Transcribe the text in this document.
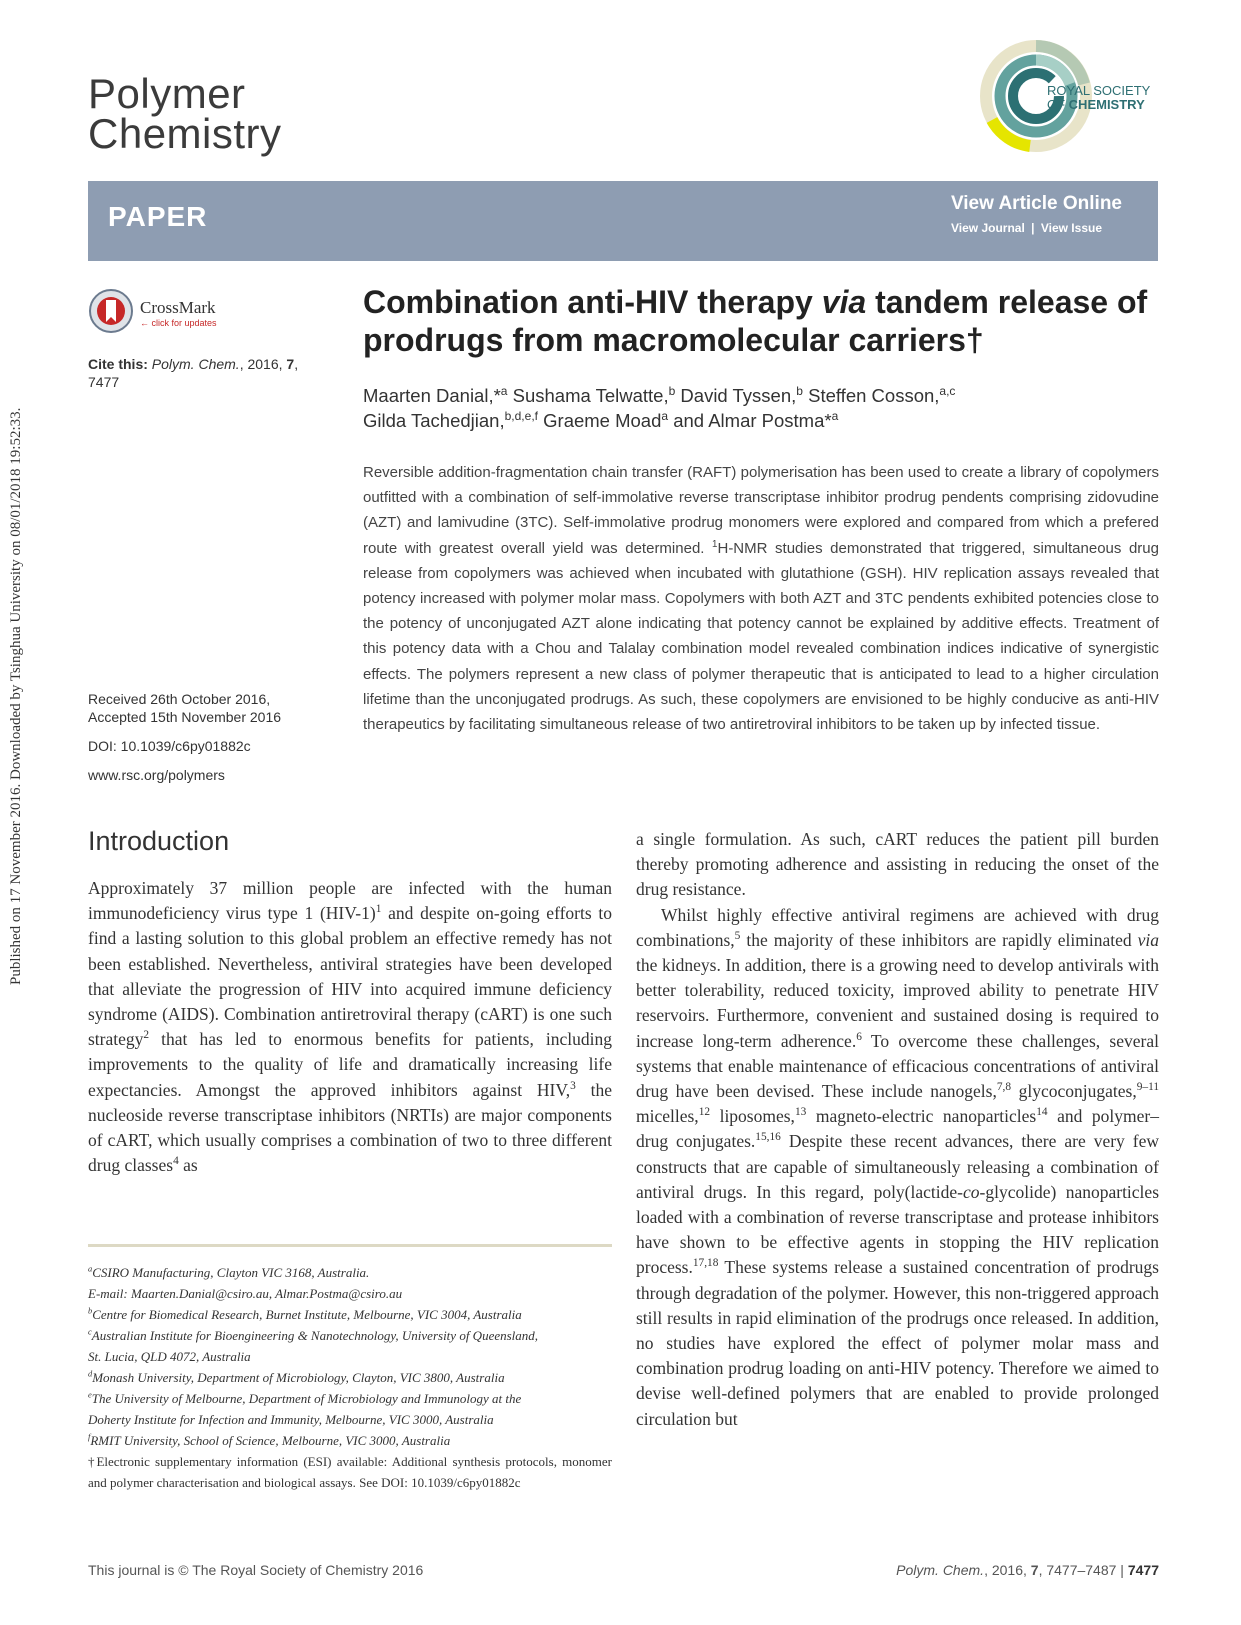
Published on 17 November 2016. Downloaded by Tsinghua University on 08/01/2018 19:52:33.
Polymer
Chemistry
ROYAL SOCIETY
OF CHEMISTRY
PAPER	View Article Online
View Journal | View Issue
CrossMark
← click for updates
Cite this: Polym. Chem., 2016, 7, 7477
Received 26th October 2016,
Accepted 15th November 2016
DOI: 10.1039/c6py01882c
www.rsc.org/polymers
Combination anti-HIV therapy via tandem release of prodrugs from macromolecular carriers†
Maarten Danial,*$^a$ Sushama Telwatte,$^b$ David Tyssen,$^b$ Steffen Cosson,$^{a,c}$
Gilda Tachedjian,$^{b,d,e,f}$ Graeme Moad$^a$ and Almar Postma*$^a$
Reversible addition-fragmentation chain transfer (RAFT) polymerisation has been used to create a library of copolymers outfitted with a combination of self-immolative reverse transcriptase inhibitor prodrug pendents comprising zidovudine (AZT) and lamivudine (3TC). Self-immolative prodrug monomers were explored and compared from which a prefered route with greatest overall yield was determined. $^1$H-NMR studies demonstrated that triggered, simultaneous drug release from copolymers was achieved when incubated with glutathione (GSH). HIV replication assays revealed that potency increased with polymer molar mass. Copolymers with both AZT and 3TC pendents exhibited potencies close to the potency of unconjugated AZT alone indicating that potency cannot be explained by additive effects. Treatment of this potency data with a Chou and Talalay combination model revealed combination indices indicative of synergistic effects. The polymers represent a new class of polymer therapeutic that is anticipated to lead to a higher circulation lifetime than the unconjugated prodrugs. As such, these copolymers are envisioned to be highly conducive as anti-HIV therapeutics by facilitating simultaneous release of two antiretroviral inhibitors to be taken up by infected tissue.
Introduction
Approximately 37 million people are infected with the human immunodeficiency virus type 1 $(HIV-1)^1$ and despite on-going efforts to find a lasting solution to this global problem an effective remedy has not been established. Nevertheless, antiviral strategies have been developed that alleviate the progression of HIV into acquired immune deficiency syndrome (AIDS). Combination antiretroviral therapy (cART) is one such strategy$^2$ that has led to enormous benefits for patients, including improvements to the quality of life and dramatically increasing life expectancies. Amongst the approved inhibitors against HIV,$^3$ the nucleoside reverse transcriptase inhibitors (NRTIs) are major components of cART, which usually comprises a combination of two to three different drug classes$^4$ as

a single formulation. As such, cART reduces the patient pill burden thereby promoting adherence and assisting in reducing the onset of the drug resistance.

Whilst highly effective antiviral regimens are achieved with drug combinations,$^5$ the majority of these inhibitors are rapidly eliminated via the kidneys. In addition, there is a growing need to develop antivirals with better tolerability, reduced toxicity, improved ability to penetrate HIV reservoirs. Furthermore, convenient and sustained dosing is required to increase long-term adherence.$^6$ To overcome these challenges, several systems that enable maintenance of efficacious concentrations of antiviral drug have been devised. These include nanogels,$^{7,8}$ glycoconjugates,$^{9-11}$ micelles,$^{12}$ liposomes,$^{13}$ magneto-electric nanoparticles$^{14}$ and polymer–drug conjugates.$^{15,16}$ Despite these recent advances, there are very few constructs that are capable of simultaneously releasing a combination of antiviral drugs. In this regard, poly(lactide-co-glycolide) nanoparticles loaded with a combination of reverse transcriptase and protease inhibitors have shown to be effective agents in stopping the HIV replication process.$^{17,18}$ These systems release a sustained concentration of prodrugs through degradation of the polymer. However, this non-triggered approach still results in rapid elimination of the prodrugs once released. In addition, no studies have explored the effect of polymer molar mass and combination prodrug loading on anti-HIV potency. Therefore we aimed to devise well-defined polymers that are enabled to provide prolonged circulation but

$^a$CSIRO Manufacturing, Clayton VIC 3168, Australia.
E-mail: Maarten.Danial@csiro.au, Almar.Postma@csiro.au
$^b$Centre for Biomedical Research, Burnet Institute, Melbourne, VIC 3004, Australia
$^c$Australian Institute for Bioengineering & Nanotechnology, University of Queensland,
St. Lucia, QLD 4072, Australia
$^d$Monash University, Department of Microbiology, Clayton, VIC 3800, Australia
$^e$The University of Melbourne, Department of Microbiology and Immunology at the
Doherty Institute for Infection and Immunity, Melbourne, VIC 3000, Australia
$^f$RMIT University, School of Science, Melbourne, VIC 3000, Australia
†Electronic supplementary information (ESI) available: Additional synthesis protocols, monomer and polymer characterisation and biological assays. See DOI: 10.1039/c6py01882c
This journal is © The Royal Society of Chemistry 2016	Polym. Chem., 2016, 7, 7477–7487 | 7477
